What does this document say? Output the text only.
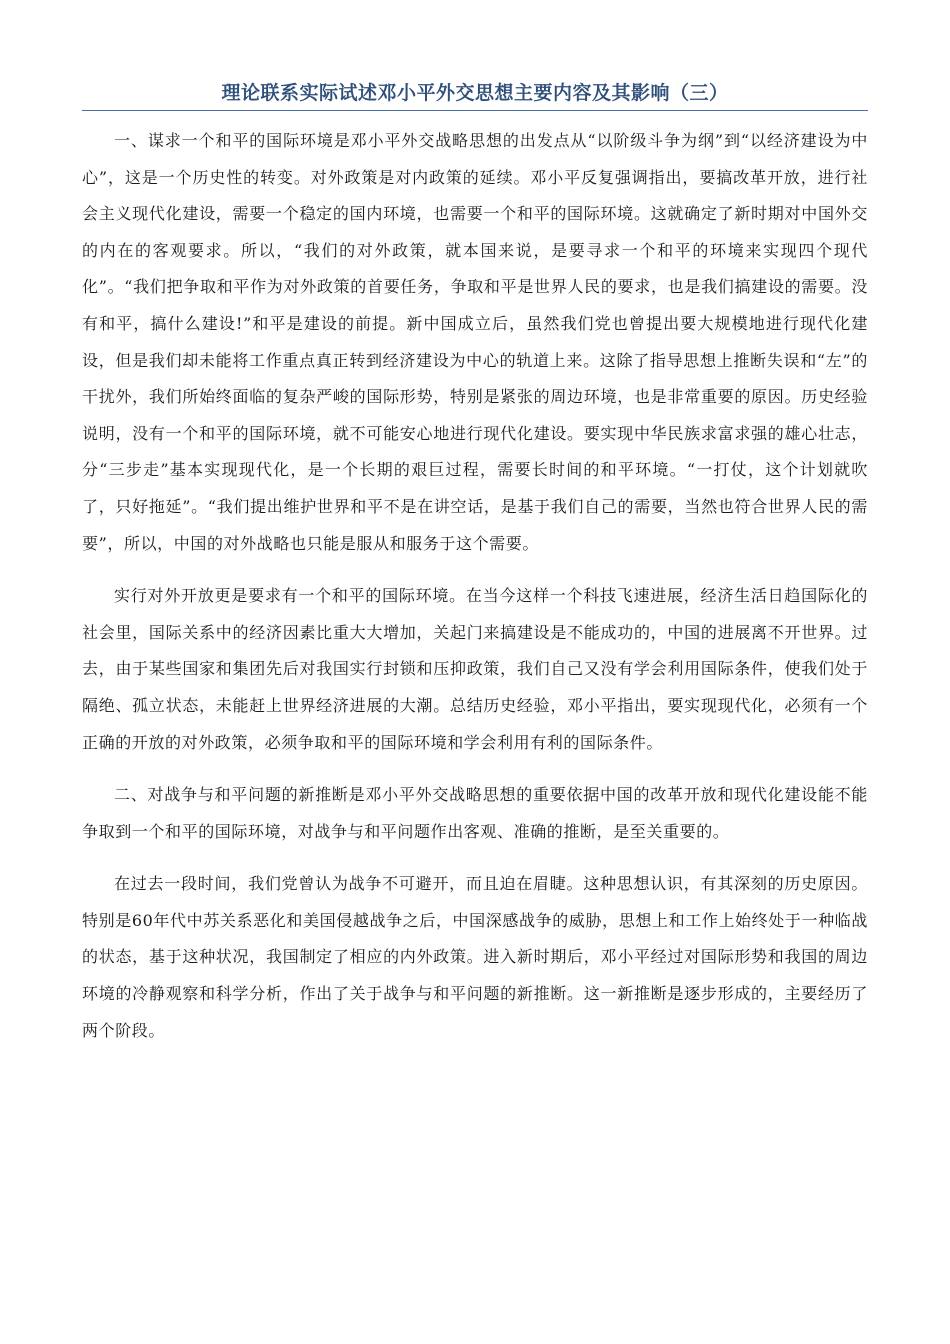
理论联系实际试述邓小平外交思想主要内容及其影响（三）

一、谋求一个和平的国际环境是邓小平外交战略思想的出发点从“以阶级斗争为纲”到“以经济建设为中心”，这是一个历史性的转变。对外政策是对内政策的延续。邓小平反复强调指出，要搞改革开放，进行社会主义现代化建设，需要一个稳定的国内环境，也需要一个和平的国际环境。这就确定了新时期对中国外交的内在的客观要求。所以，“我们的对外政策，就本国来说，是要寻求一个和平的环境来实现四个现代化”。“我们把争取和平作为对外政策的首要任务，争取和平是世界人民的要求，也是我们搞建设的需要。没有和平，搞什么建设!”和平是建设的前提。新中国成立后，虽然我们党也曾提出要大规模地进行现代化建设，但是我们却未能将工作重点真正转到经济建设为中心的轨道上来。这除了指导思想上推断失误和“左”的干扰外，我们所始终面临的复杂严峻的国际形势，特别是紧张的周边环境，也是非常重要的原因。历史经验说明，没有一个和平的国际环境，就不可能安心地进行现代化建设。要实现中华民族求富求强的雄心壮志，分“三步走”基本实现现代化，是一个长期的艰巨过程，需要长时间的和平环境。“一打仗，这个计划就吹了，只好拖延”。“我们提出维护世界和平不是在讲空话，是基于我们自己的需要，当然也符合世界人民的需要”，所以，中国的对外战略也只能是服从和服务于这个需要。

实行对外开放更是要求有一个和平的国际环境。在当今这样一个科技飞速进展，经济生活日趋国际化的社会里，国际关系中的经济因素比重大大增加，关起门来搞建设是不能成功的，中国的进展离不开世界。过去，由于某些国家和集团先后对我国实行封锁和压抑政策，我们自己又没有学会利用国际条件，使我们处于隔绝、孤立状态，未能赶上世界经济进展的大潮。总结历史经验，邓小平指出，要实现现代化，必须有一个正确的开放的对外政策，必须争取和平的国际环境和学会利用有利的国际条件。

二、对战争与和平问题的新推断是邓小平外交战略思想的重要依据中国的改革开放和现代化建设能不能争取到一个和平的国际环境，对战争与和平问题作出客观、准确的推断，是至关重要的。

在过去一段时间，我们党曾认为战争不可避开，而且迫在眉睫。这种思想认识，有其深刻的历史原因。特别是60年代中苏关系恶化和美国侵越战争之后，中国深感战争的威胁，思想上和工作上始终处于一种临战的状态，基于这种状况，我国制定了相应的内外政策。进入新时期后，邓小平经过对国际形势和我国的周边环境的冷静观察和科学分析，作出了关于战争与和平问题的新推断。这一新推断是逐步形成的，主要经历了两个阶段。
